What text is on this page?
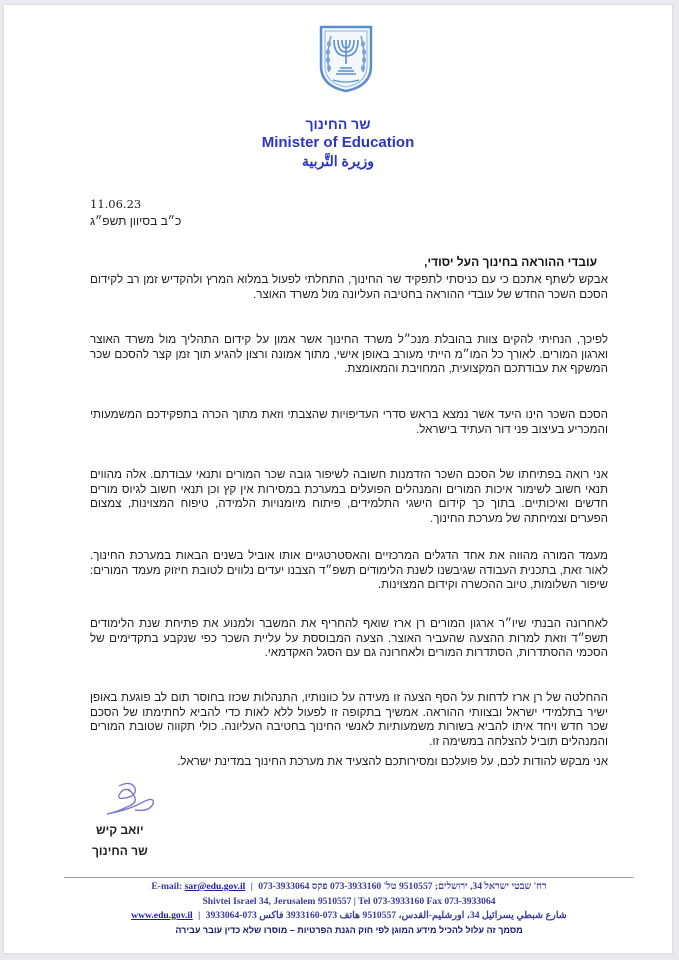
שר החינוך
Minister of Education
وزيرة التَّربية
11.06.23
כ״ב בסיוון תשפ״ג
עובדי ההוראה בחינוך העל יסודי,
אבקש לשתף אתכם כי עם כניסתי לתפקיד שר החינוך, התחלתי לפעול במלוא המרץ ולהקדיש זמן רב לקידום הסכם השכר החדש של עובדי ההוראה בחטיבה העליונה מול משרד האוצר.
לפיכך, הנחיתי להקים צוות בהובלת מנכ״ל משרד החינוך אשר אמון על קידום התהליך מול משרד האוצר וארגון המורים. לאורך כל המו״מ הייתי מעורב באופן אישי, מתוך אמונה ורצון להגיע תוך זמן קצר להסכם שכר המשקף את עבודתכם המקצועית, המחויבת והמאומצת.
הסכם השכר הינו היעד אשר נמצא בראש סדרי העדיפויות שהצבתי וזאת מתוך הכרה בתפקידכם המשמעותי והמכריע בעיצוב פני דור העתיד בישראל.
אני רואה בפתיחתו של הסכם השכר הזדמנות חשובה לשיפור גובה שכר המורים ותנאי עבודתם. אלה מהווים תנאי חשוב לשימור איכות המורים והמנהלים הפועלים במערכת במסירות אין קץ וכן תנאי חשוב לגיוס מורים חדשים ואיכותיים. בתוך כך קידום הישגי התלמידים, פיתוח מיומנויות הלמידה, טיפוח המצוינות, צמצום הפערים וצמיחתה של מערכת החינוך.
מעמד המורה מהווה את אחד הדגלים המרכזיים והאסטרטגיים אותו אוביל בשנים הבאות במערכת החינוך. לאור זאת, בתכנית העבודה שגיבשנו לשנת הלימודים תשפ״ד הצבנו יעדים נלווים לטובת חיזוק מעמד המורים: שיפור השלומות, טיוב ההכשרה וקידום המצוינות.
לאחרונה הבנתי שיו״ר ארגון המורים רן ארז שואף להחריף את המשבר ולמנוע את פתיחת שנת הלימודים תשפ״ד וזאת למרות ההצעה שהעביר האוצר. הצעה המבוססת על עליית השכר כפי שנקבע בתקדימים של הסכמי ההסתדרות, הסתדרות המורים ולאחרונה גם עם הסגל האקדמאי.
ההחלטה של רן ארז לדחות על הסף הצעה זו מעידה על כוונותיו, התנהלות שכזו בחוסר תום לב פוגעת באופן ישיר בתלמידי ישראל ובצוותי ההוראה. אמשיך בתקופה זו לפעול ללא לאות כדי להביא לחתימתו של הסכם שכר חדש ויחד איתו להביא בשורות משמעותיות לאנשי החינוך בחטיבה העליונה. כולי תקווה שטובת המורים והמנהלים תוביל להצלחה במשימה זו.
אני מבקש להודות לכם, על פועלכם ומסירותכם להצעיד את מערכת החינוך במדינת ישראל.
יואב קיש
שר החינוך
E-mail: sar@edu.gov.il | רח' שבטי ישראל 34, ירושלים; 9510557 טל' 073-3933160 פקס 073-3933064
Shivtei Israel 34, Jerusalem 9510557 | Tel 073-3933160 Fax 073-3933064
www.edu.gov.il | شارع شبطي يسرائيل 34، اورشليم-القدس، 9510557 هاتف 073-3933160 فاكس 073-3933064
מסמך זה עלול להכיל מידע המוגן לפי חוק הגנת הפרטיות – מוסרו שלא כדין עובר עבירה
